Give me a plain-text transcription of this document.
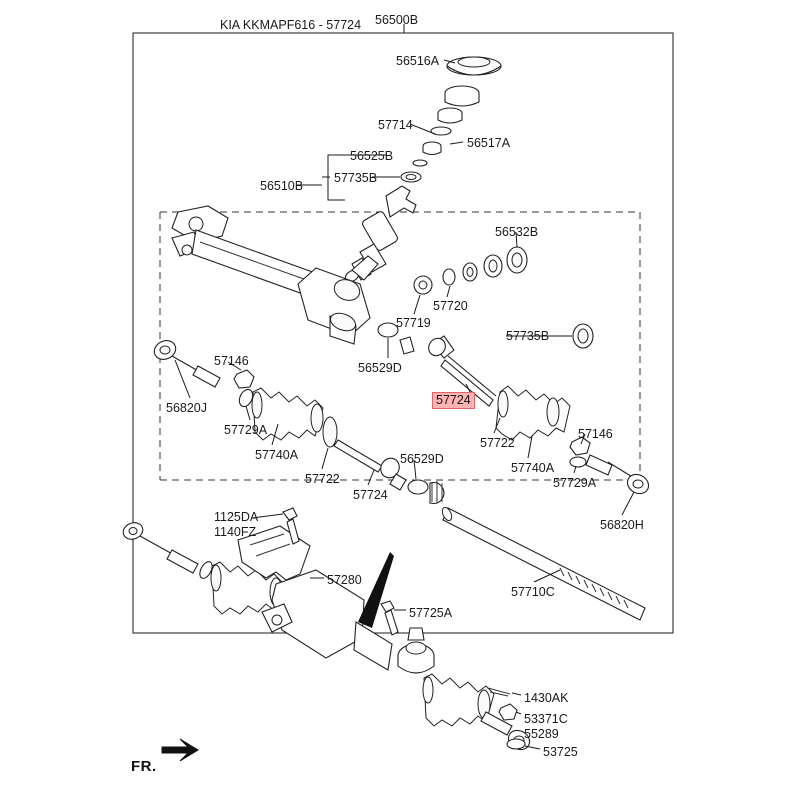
KIA KKMAPF616 - 57724 56500B
56516A
57714
56517A
56525B
57735B
56510B
56532B
57720
57719
57735B
56529D
57146
56820J
57729A
57740A
57722
57724
56529D
57722
57740A
57146
57729A
56820H
1125DA
1140FZ
57280
57725A
57710C
1430AK
53371C
55289
53725
57724
FR.
